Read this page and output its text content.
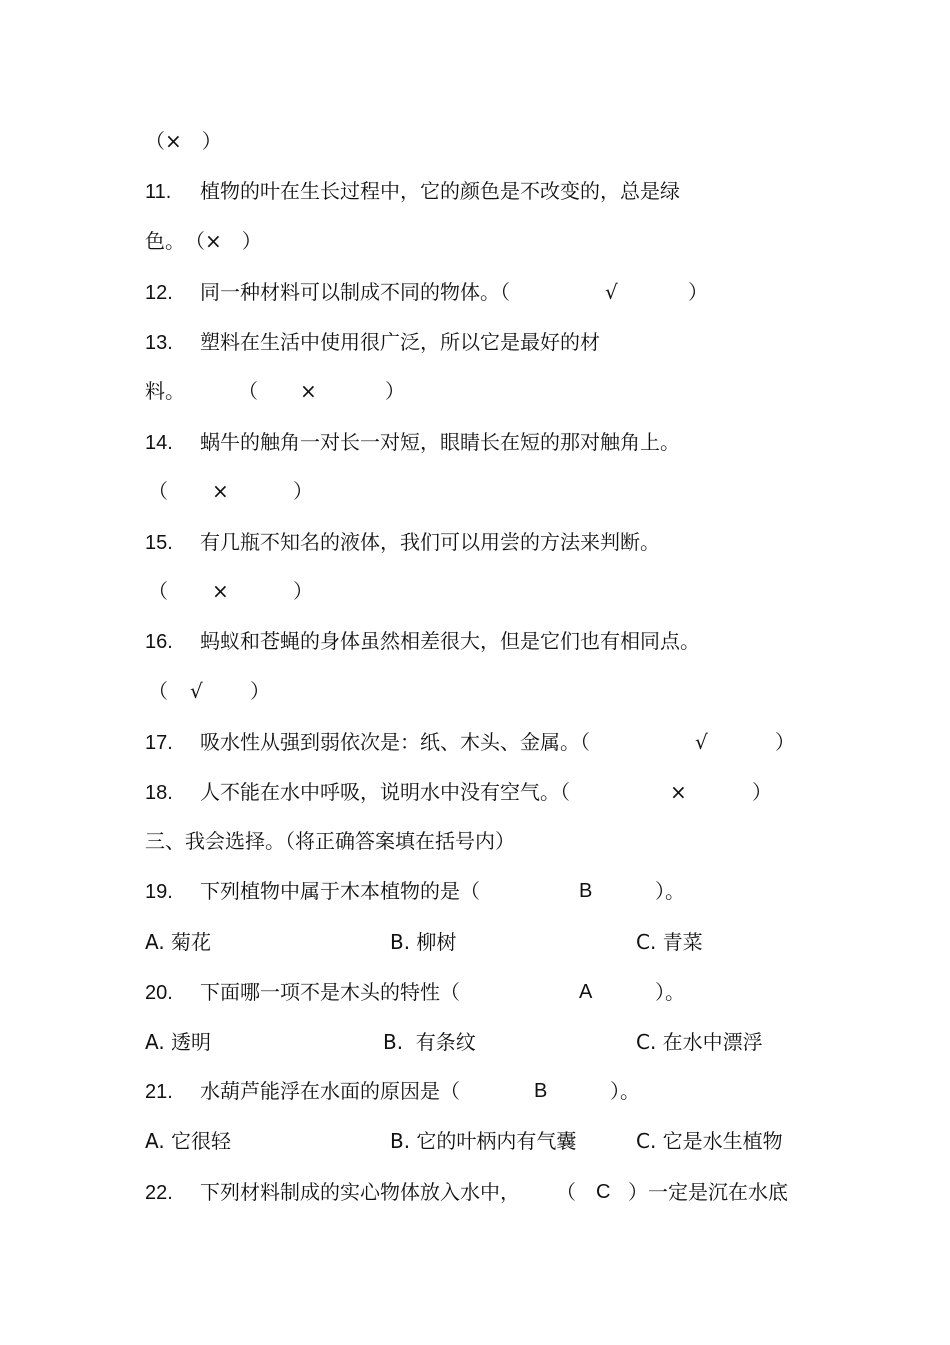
（×　）
11. 植物的叶在生长过程中，它的颜色是不改变的，总是绿
色。　（×　）
12. 同一种材料可以制成不同的物体。（	√	）
13. 塑料在生活中使用很广泛，所以它是最好的材
料。	（ ×	）
14. 蜗牛的触角一对长一对短，眼睛长在短的那对触角上。
（ ×	）
15. 有几瓶不知名的液体，我们可以用尝的方法来判断。
（ ×	）
16. 蚂蚁和苍蝇的身体虽然相差很大，但是它们也有相同点。
（ √ ）
17. 吸水性从强到弱依次是：纸、木头、金属。（	√	）
18. 人不能在水中呼吸，说明水中没有空气。（	×	）
三、我会选择。（将正确答案填在括号内）
19. 下列植物中属于木本植物的是（	B	）。
A. 菊花	B. 柳树	C. 青菜
20. 下面哪一项不是木头的特性（	A	）。
A. 透明	B.  有条纹	C. 在水中漂浮
21. 水葫芦能浮在水面的原因是（	B	）。
A. 它很轻	B. 它的叶柄内有气囊	C. 它是水生植物
22. 下列材料制成的实心物体放入水中， （ C ）一定是沉在水底
